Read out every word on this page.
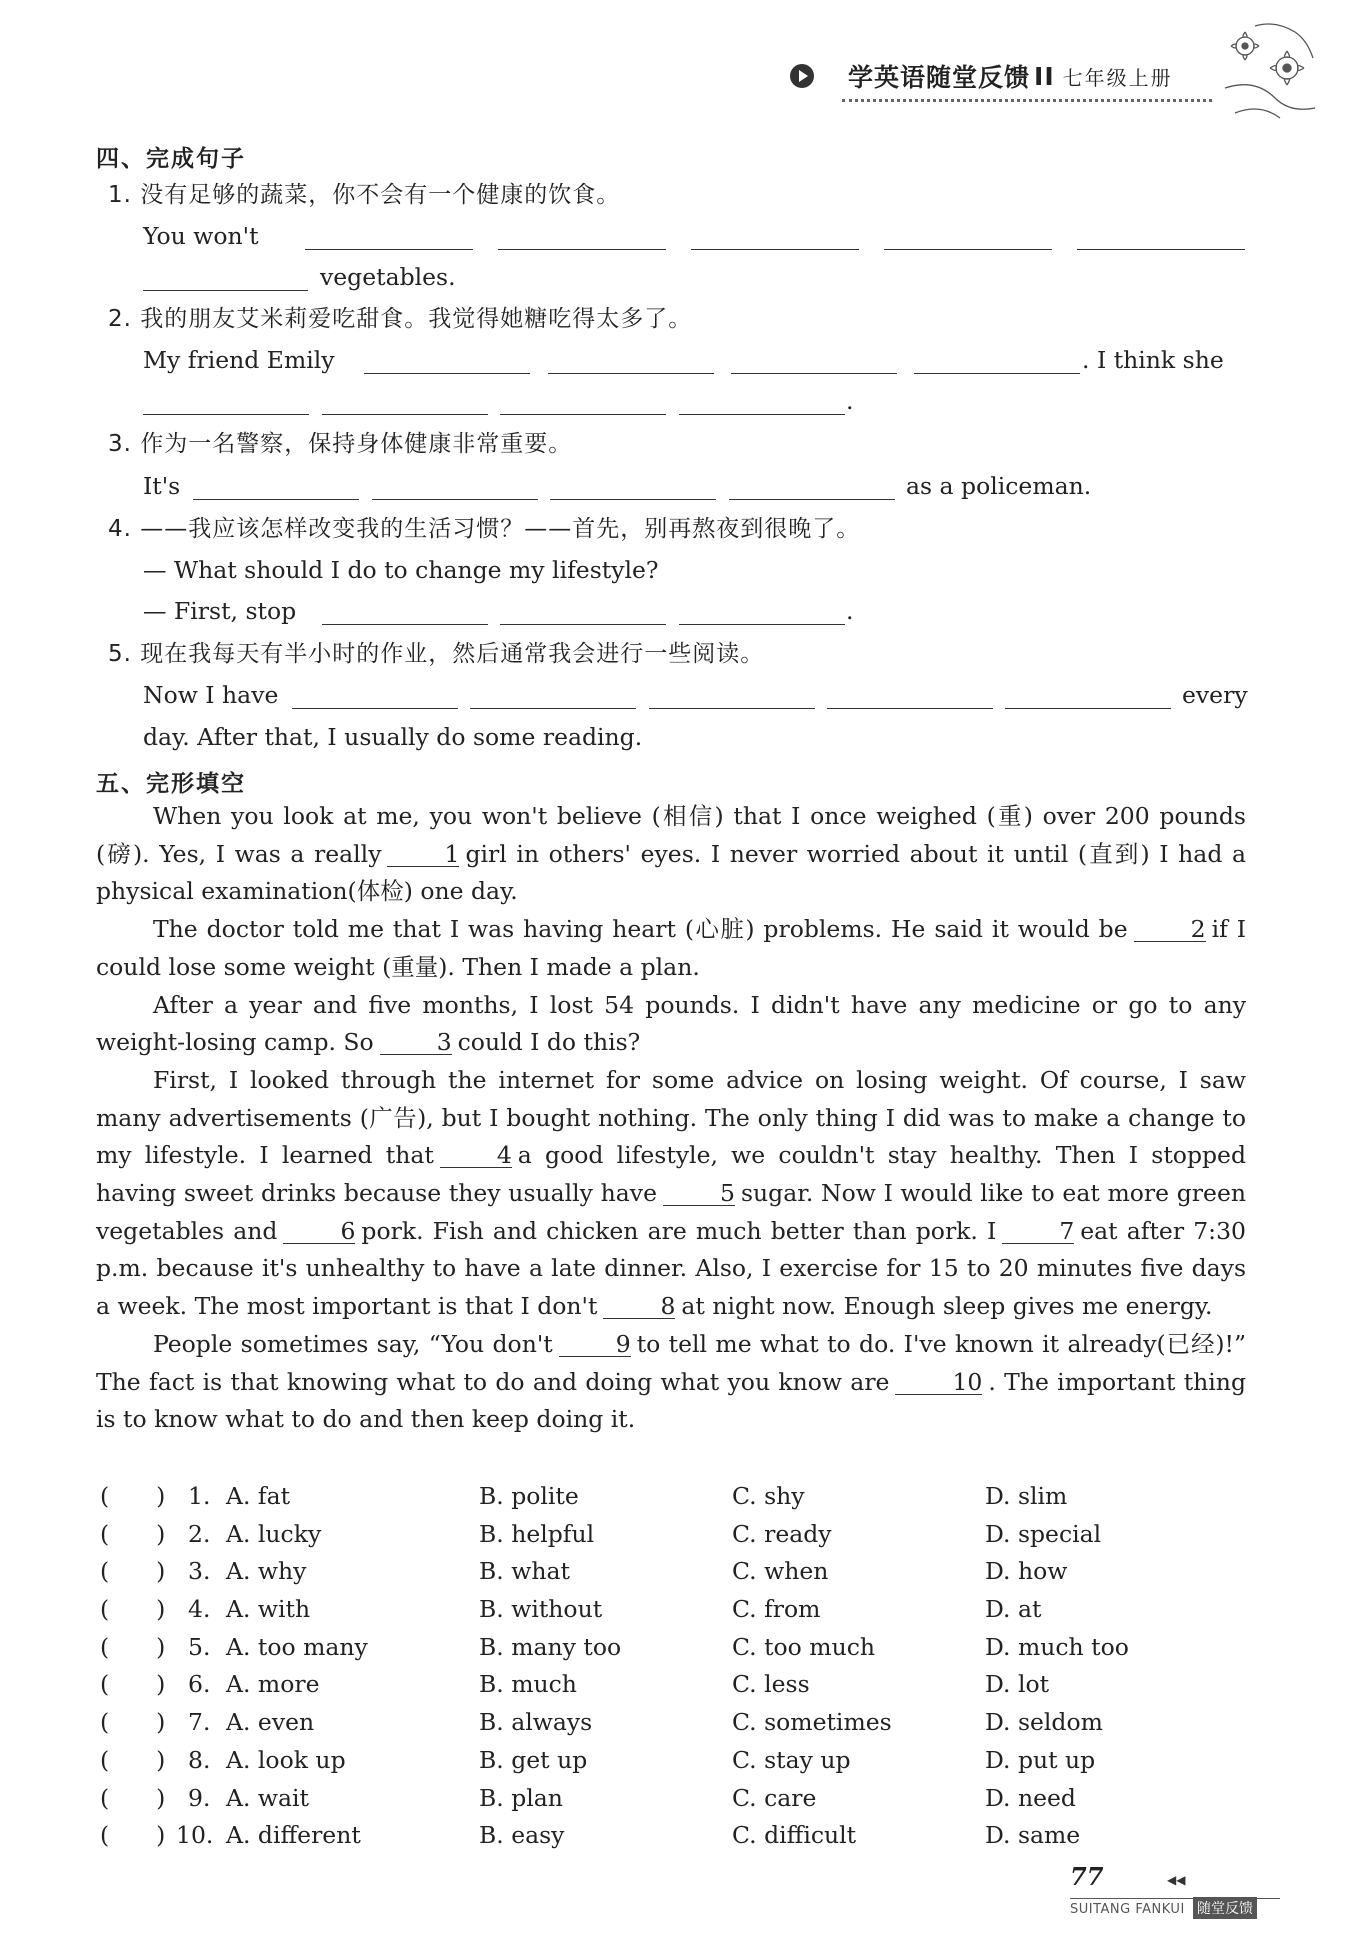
学英语随堂反馈 II 七年级上册
四、完成句子
1. 没有足够的蔬菜，你不会有一个健康的饮食。
You won't
vegetables.
2. 我的朋友艾米莉爱吃甜食。我觉得她糖吃得太多了。
My friend Emily	. I think she
.
3. 作为一名警察，保持身体健康非常重要。
It's	as a policeman.
4. ——我应该怎样改变我的生活习惯？——首先，别再熬夜到很晚了。
— What should I do to change my lifestyle?
— First, stop	.
5. 现在我每天有半小时的作业，然后通常我会进行一些阅读。
Now I have	every
day. After that, I usually do some reading.
五、完形填空

When you look at me, you won't believe (相信) that I once weighed (重) over 200 pounds (磅). Yes, I was a really	1 girl in others' eyes. I never worried about it until (直到) I had a physical examination(体检) one day.

The doctor told me that I was having heart (心脏) problems. He said it would be	2 if I could lose some weight (重量). Then I made a plan.

After a year and five months, I lost 54 pounds. I didn't have any medicine or go to any weight-losing camp. So	3 could I do this?

First, I looked through the internet for some advice on losing weight. Of course, I saw many advertisements (广告), but I bought nothing. The only thing I did was to make a change to my lifestyle. I learned that	4 a good lifestyle, we couldn't stay healthy. Then I stopped having sweet drinks because they usually have	5 sugar. Now I would like to eat more green vegetables and	6 pork. Fish and chicken are much better than pork. I	7 eat after 7:30 p.m. because it's unhealthy to have a late dinner. Also, I exercise for 15 to 20 minutes five days a week. The most important is that I don't	8 at night now. Enough sleep gives me energy.

People sometimes say, “You don't	9 to tell me what to do. I've known it already(已经)!” The fact is that knowing what to do and doing what you know are	10 . The important thing is to know what to do and then keep doing it.

(　　) 1. A. fat	B. polite	C. shy	D. slim
(　　) 2. A. lucky	B. helpful	C. ready	D. special
(　　) 3. A. why	B. what	C. when	D. how
(　　) 4. A. with	B. without	C. from	D. at
(　　) 5. A. too many	B. many too	C. too much	D. much too
(　　) 6. A. more	B. much	C. less	D. lot
(　　) 7. A. even	B. always	C. sometimes	D. seldom
(　　) 8. A. look up	B. get up	C. stay up	D. put up
(　　) 9. A. wait	B. plan	C. care	D. need
(　　) 10. A. different	B. easy	C. difficult	D. same
77	◀◀
SUITANG FANKUI 随堂反馈
